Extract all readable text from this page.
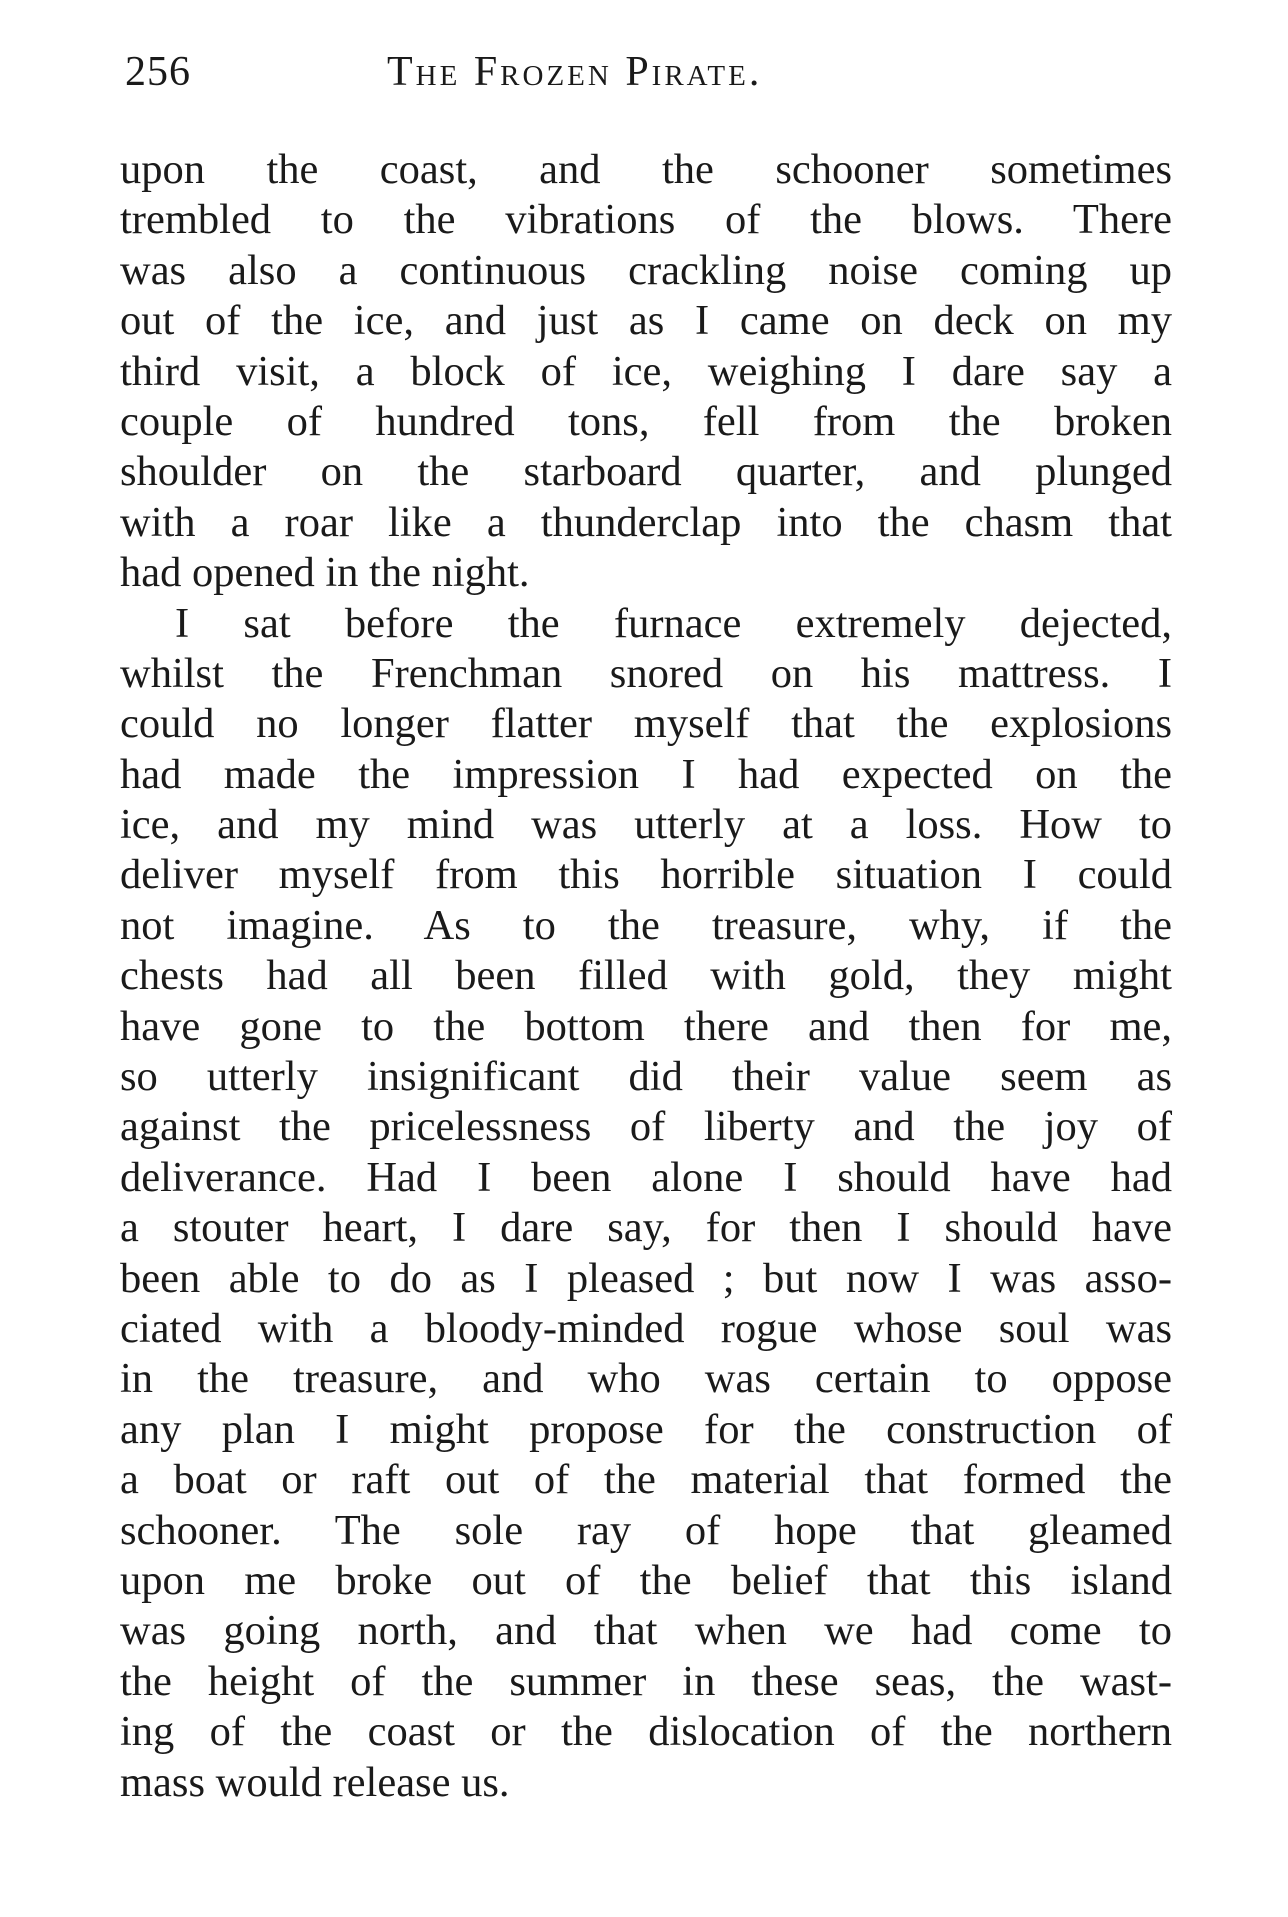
256	The Frozen Pirate.
upon the coast, and the schooner sometimes
trembled to the vibrations of the blows. There
was also a continuous crackling noise coming up
out of the ice, and just as I came on deck on my
third visit, a block of ice, weighing I dare say a
couple of hundred tons, fell from the broken
shoulder on the starboard quarter, and plunged
with a roar like a thunderclap into the chasm that
had opened in the night.
I sat before the furnace extremely dejected,
whilst the Frenchman snored on his mattress. I
could no longer flatter myself that the explosions
had made the impression I had expected on the
ice, and my mind was utterly at a loss. How to
deliver myself from this horrible situation I could
not imagine. As to the treasure, why, if the
chests had all been filled with gold, they might
have gone to the bottom there and then for me,
so utterly insignificant did their value seem as
against the pricelessness of liberty and the joy of
deliverance. Had I been alone I should have had
a stouter heart, I dare say, for then I should have
been able to do as I pleased ; but now I was asso-
ciated with a bloody-minded rogue whose soul was
in the treasure, and who was certain to oppose
any plan I might propose for the construction of
a boat or raft out of the material that formed the
schooner. The sole ray of hope that gleamed
upon me broke out of the belief that this island
was going north, and that when we had come to
the height of the summer in these seas, the wast-
ing of the coast or the dislocation of the northern
mass would release us.
